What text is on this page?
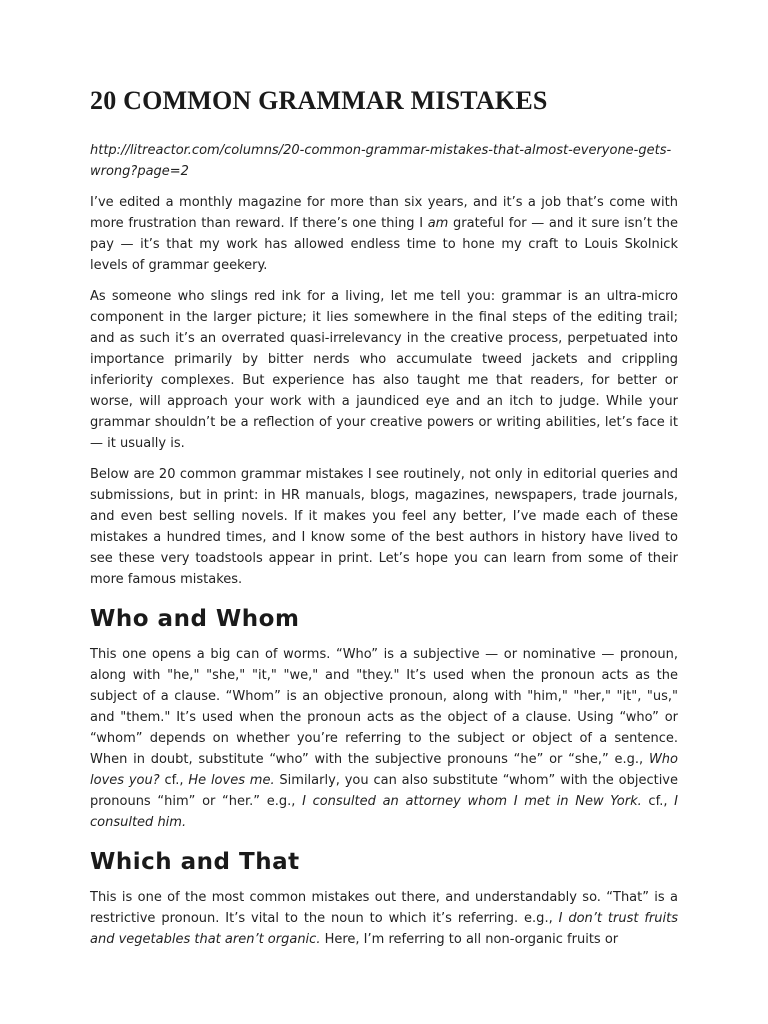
20 COMMON GRAMMAR MISTAKES

http://litreactor.com/columns/20-common-grammar-mistakes-that-almost-everyone-gets-wrong?page=2

I’ve edited a monthly magazine for more than six years, and it’s a job that’s come with more frustration than reward. If there’s one thing I am grateful for — and it sure isn’t the pay — it’s that my work has allowed endless time to hone my craft to Louis Skolnick levels of grammar geekery.

As someone who slings red ink for a living, let me tell you: grammar is an ultra-micro component in the larger picture; it lies somewhere in the final steps of the editing trail; and as such it’s an overrated quasi-irrelevancy in the creative process, perpetuated into importance primarily by bitter nerds who accumulate tweed jackets and crippling inferiority complexes. But experience has also taught me that readers, for better or worse, will approach your work with a jaundiced eye and an itch to judge. While your grammar shouldn’t be a reflection of your creative powers or writing abilities, let’s face it — it usually is.

Below are 20 common grammar mistakes I see routinely, not only in editorial queries and submissions, but in print: in HR manuals, blogs, magazines, newspapers, trade journals, and even best selling novels. If it makes you feel any better, I’ve made each of these mistakes a hundred times, and I know some of the best authors in history have lived to see these very toadstools appear in print. Let’s hope you can learn from some of their more famous mistakes.

Who and Whom

This one opens a big can of worms. “Who” is a subjective — or nominative — pronoun, along with "he," "she," "it," "we," and "they." It’s used when the pronoun acts as the subject of a clause. “Whom” is an objective pronoun, along with "him," "her," "it", "us," and "them." It’s used when the pronoun acts as the object of a clause. Using “who” or “whom” depends on whether you’re referring to the subject or object of a sentence. When in doubt, substitute “who” with the subjective pronouns “he” or “she,” e.g., Who loves you? cf., He loves me. Similarly, you can also substitute “whom” with the objective pronouns “him” or “her.” e.g., I consulted an attorney whom I met in New York. cf., I consulted him.

Which and That

This is one of the most common mistakes out there, and understandably so. “That” is a restrictive pronoun. It’s vital to the noun to which it’s referring. e.g., I don’t trust fruits and vegetables that aren’t organic. Here, I’m referring to all non-organic fruits or
